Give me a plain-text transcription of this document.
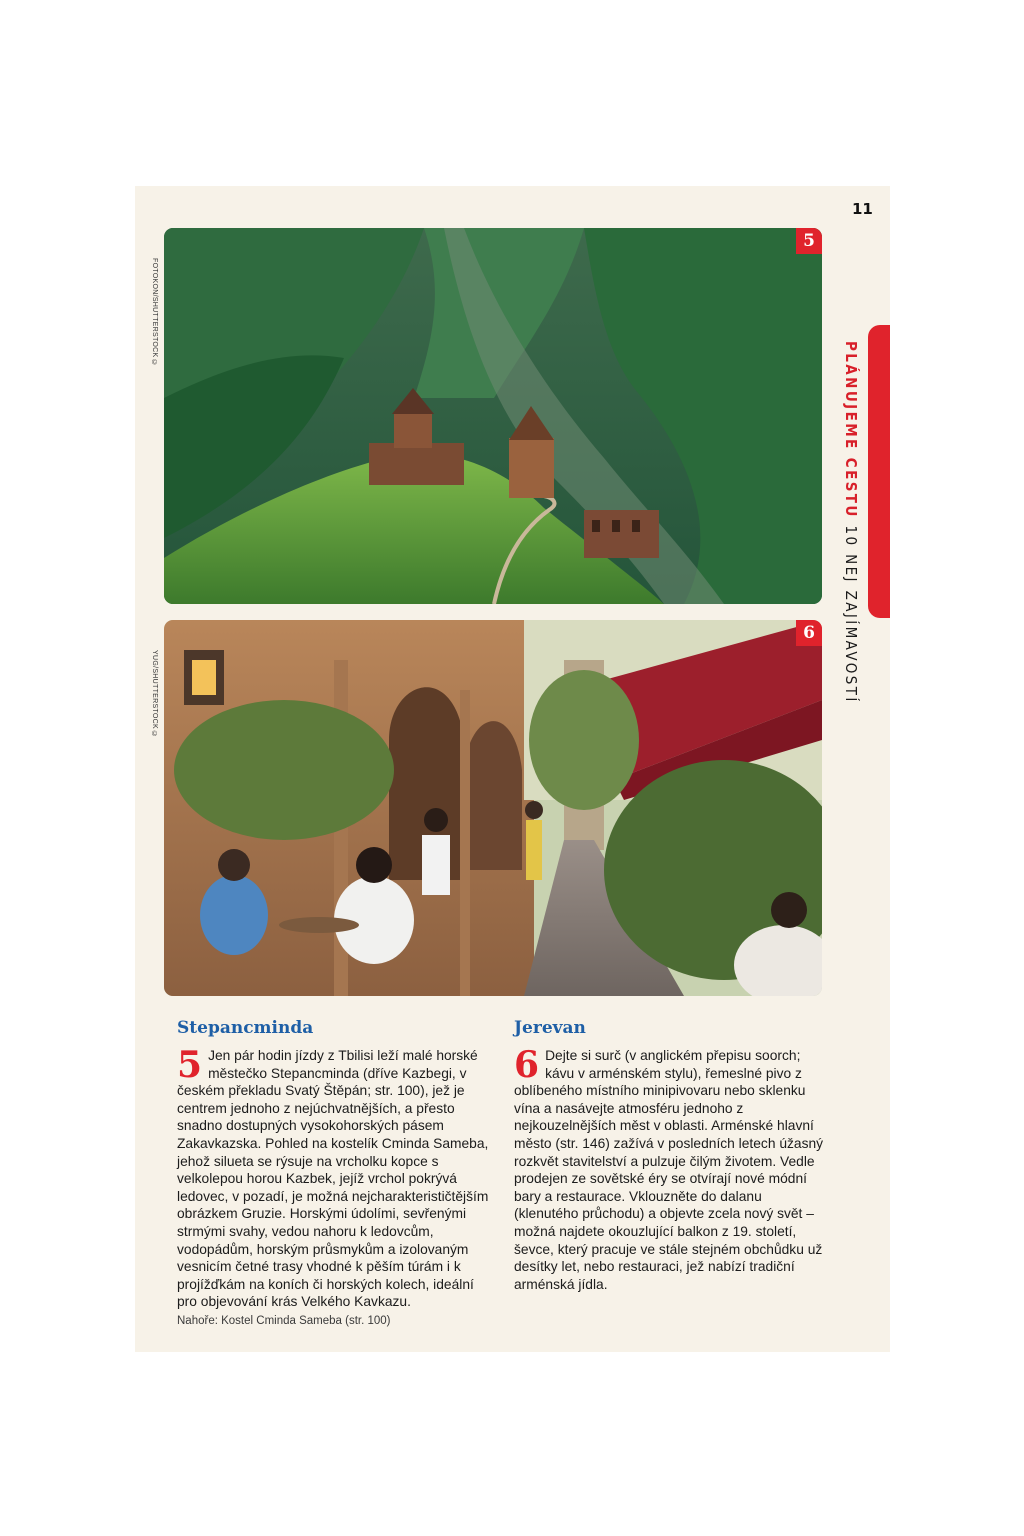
11
PLÁNUJEME CESTU 10 NEJ ZAJÍMAVOSTÍ
5
FOTOKON/SHUTTERSTOCK ©
6
YUG/SHUTTERSTOCK ©
Stepancminda

5 Jen pár hodin jízdy z Tbilisi leží malé horské městečko Stepancminda (dříve Kazbegi, v českém překladu Svatý Štěpán; str. 100), jež je centrem jednoho z nejúchvatnějších, a přesto snadno dostupných vysokohorských pásem Zakavkazska. Pohled na kostelík Cminda Sameba, jehož silueta se rýsuje na vrcholku kopce s velkolepou horou Kazbek, jejíž vrchol pokrývá ledovec, v pozadí, je možná nejcharakterističtějším obrázkem Gruzie. Horskými údolími, sevřenými strmými svahy, vedou nahoru k ledovcům, vodopádům, horským průsmykům a izolovaným vesnicím četné trasy vhodné k pěším túrám i k projížďkám na koních či horských kolech, ideální pro objevování krás Velkého Kavkazu.

Nahoře: Kostel Cminda Sameba (str. 100)
Jerevan

6 Dejte si surč (v anglickém přepisu soorch; kávu v arménském stylu), řemeslné pivo z oblíbeného místního minipivovaru nebo sklenku vína a nasávejte atmosféru jednoho z nejkouzelnějších měst v oblasti. Arménské hlavní město (str. 146) zažívá v posledních letech úžasný rozkvět stavitelství a pulzuje čilým životem. Vedle prodejen ze sovětské éry se otvírají nové módní bary a restaurace. Vklouzněte do dalanu (klenutého průchodu) a objevte zcela nový svět – možná najdete okouzlující balkon z 19. století, ševce, který pracuje ve stále stejném obchůdku už desítky let, nebo restauraci, jež nabízí tradiční arménská jídla.
